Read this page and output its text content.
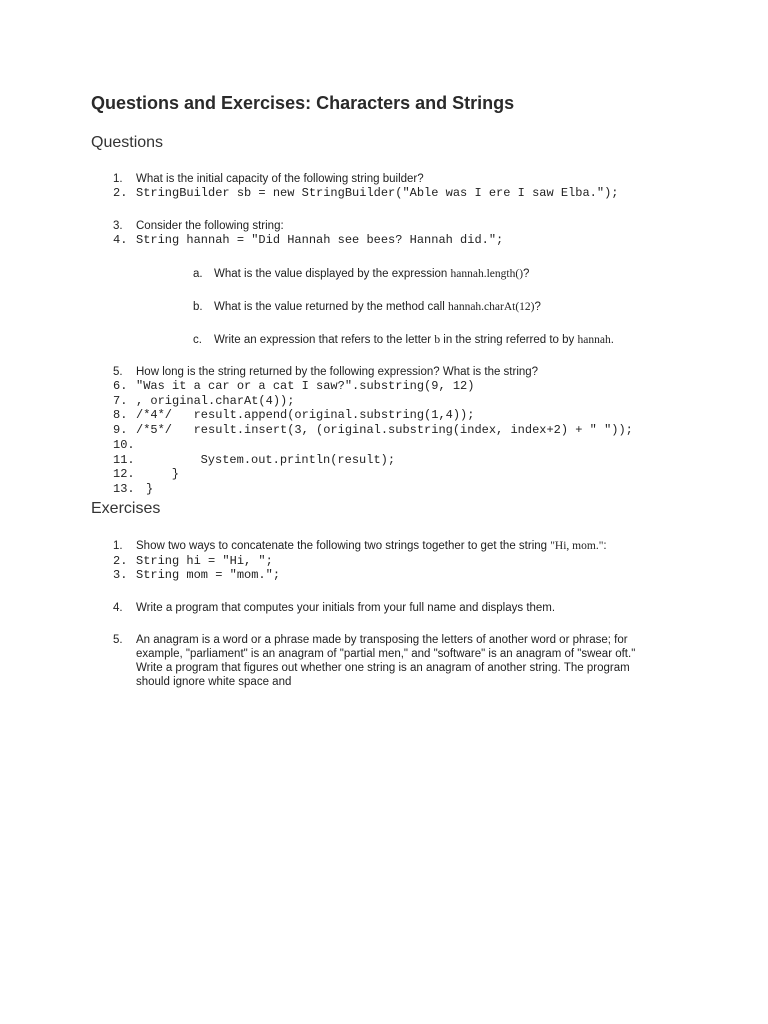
Questions and Exercises: Characters and Strings
Questions
1. What is the initial capacity of the following string builder?
2. StringBuilder sb = new StringBuilder("Able was I ere I saw Elba.");
3. Consider the following string:
4. String hannah = "Did Hannah see bees? Hannah did.";
a. What is the value displayed by the expression hannah.length()?
b. What is the value returned by the method call hannah.charAt(12)?
c. Write an expression that refers to the letter b in the string referred to by hannah.
5. How long is the string returned by the following expression? What is the string?
6. "Was it a car or a cat I saw?".substring(9, 12)
7. , original.charAt(4));
8. /*4*/   result.append(original.substring(1,4));
9. /*5*/   result.insert(3, (original.substring(index, index+2) + " "));
10.
11. System.out.println(result);
12. }
13. }
Exercises
1. Show two ways to concatenate the following two strings together to get the string "Hi, mom.":
2. String hi = "Hi, ";
3. String mom = "mom.";
4. Write a program that computes your initials from your full name and displays them.
5. An anagram is a word or a phrase made by transposing the letters of another word or phrase; for
example, "parliament" is an anagram of "partial men," and "software" is an anagram of "swear oft."
Write a program that figures out whether one string is an anagram of another string. The program
should ignore white space and
